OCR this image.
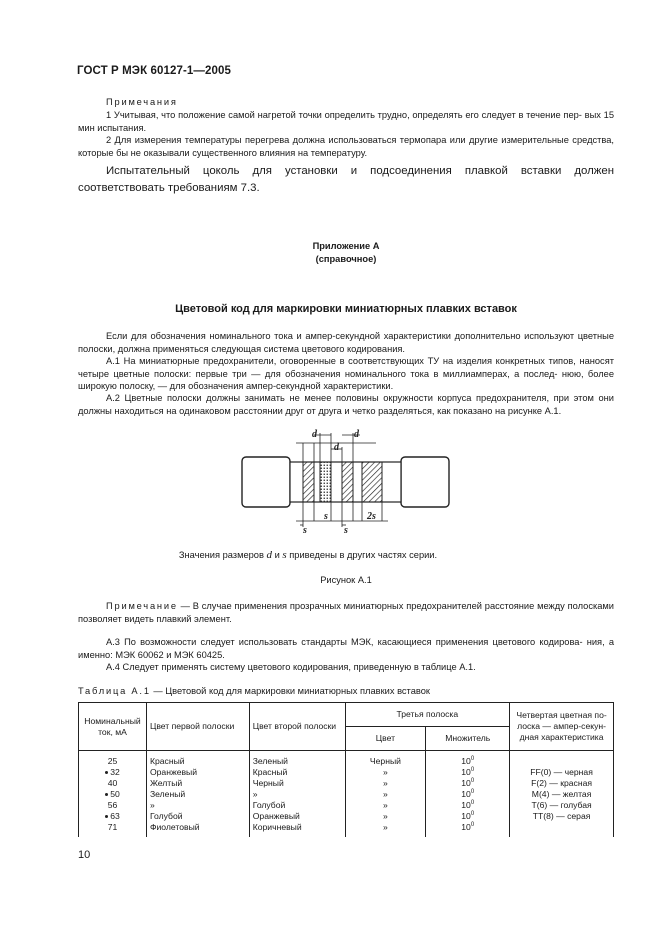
ГОСТ Р МЭК 60127-1—2005
Примечания
1 Учитывая, что положение самой нагретой точки определить трудно, определять его следует в течение пер- вых 15 мин испытания.
2 Для измерения температуры перегрева должна использоваться термопара или другие измерительные средства, которые бы не оказывали существенного влияния на температуру.
Испытательный цоколь для установки и подсоединения плавкой вставки должен соответствовать требованиям 7.3.
Приложение А
(справочное)
Цветовой код для маркировки миниатюрных плавких вставок
Если для обозначения номинального тока и ампер-секундной характеристики дополнительно используют цветные полоски, должна применяться следующая система цветового кодирования.
А.1 На миниатюрные предохранители, оговоренные в соответствующих ТУ на изделия конкретных типов, наносят четыре цветные полоски: первые три — для обозначения номинального тока в миллиамперах, а послед- нюю, более широкую полоску, — для обозначения ампер-секундной характеристики.
А.2 Цветные полоски должны занимать не менее половины окружности корпуса предохранителя, при этом они должны находиться на одинаковом расстоянии друг от друга и четко разделяться, как показано на рисунке А.1.
d
d
d
s
s
s
2s
Значения размеров d и s приведены в других частях серии.
Рисунок А.1
Примечание — В случае применения прозрачных миниатюрных предохранителей расстояние между полосками позволяет видеть плавкий элемент.
А.3 По возможности следует использовать стандарты МЭК, касающиеся применения цветового кодирова- ния, а именно: МЭК 60062 и МЭК 60425.
А.4 Следует применять систему цветового кодирования, приведенную в таблице А.1.
Таблица А.1 — Цветовой код для маркировки миниатюрных плавких вставок
Номинальный ток, мА	Цвет первой полоски	Цвет второй полоски	Третья полоска		Четвертая цветная по- лоска — ампер-секун- дная характеристика
			Цвет	Множитель	
25	Красный	Зеленый	Черный	$10^0$	
32	Оранжевый	Красный	»	$10^0$	FF(0) — черная
40	Желтый	Черный	»	$10^0$	F(2) — красная
50	Зеленый	»	»	$10^0$	M(4) — желтая
56	»	Голубой	»	$10^0$	T(6) — голубая
63	Голубой	Оранжевый	»	$10^0$	TT(8) — серая
71	Фиолетовый	Коричневый	»	$10^0$	

10
